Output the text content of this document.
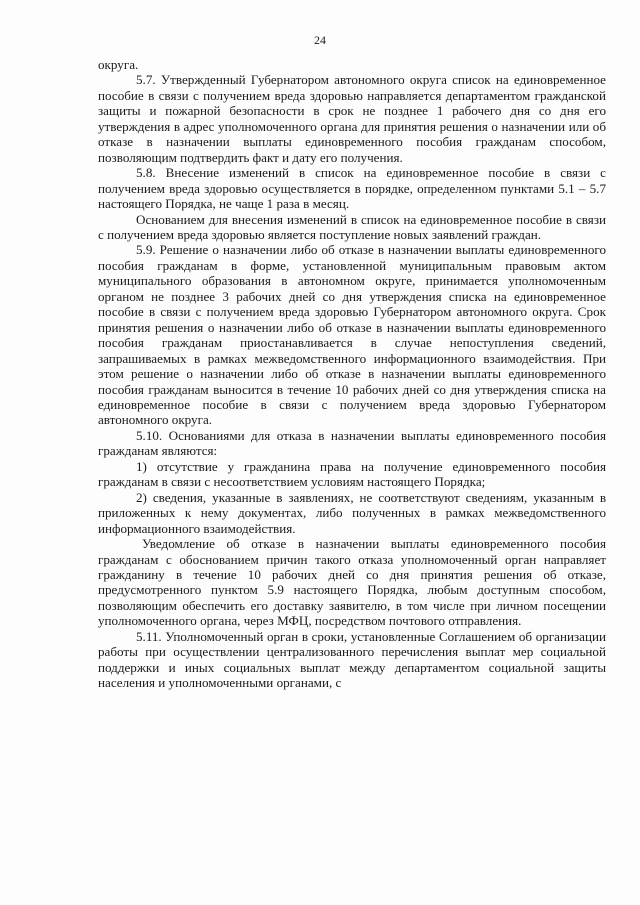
24

округа.

5.7. Утвержденный Губернатором автономного округа список на единовременное пособие в связи с получением вреда здоровью направляется департаментом гражданской защиты и пожарной безопасности в срок не позднее 1 рабочего дня со дня его утверждения в адрес уполномоченного органа для принятия решения о назначении или об отказе в назначении выплаты единовременного пособия гражданам способом, позволяющим подтвердить факт и дату его получения.

5.8. Внесение изменений в список на единовременное пособие в связи с получением вреда здоровью осуществляется в порядке, определенном пунктами 5.1 – 5.7 настоящего Порядка, не чаще 1 раза в месяц.

Основанием для внесения изменений в список на единовременное пособие в связи с получением вреда здоровью является поступление новых заявлений граждан.

5.9. Решение о назначении либо об отказе в назначении выплаты единовременного пособия гражданам в форме, установленной муниципальным правовым актом муниципального образования в автономном округе, принимается уполномоченным органом не позднее 3 рабочих дней со дня утверждения списка на единовременное пособие в связи с получением вреда здоровью Губернатором автономного округа. Срок принятия решения о назначении либо об отказе в назначении выплаты единовременного пособия гражданам приостанавливается в случае непоступления сведений, запрашиваемых в рамках межведомственного информационного взаимодействия. При этом решение о назначении либо об отказе в назначении выплаты единовременного пособия гражданам выносится в течение 10 рабочих дней со дня утверждения списка на единовременное пособие в связи с получением вреда здоровью Губернатором автономного округа.

5.10. Основаниями для отказа в назначении выплаты единовременного пособия гражданам являются:

1) отсутствие у гражданина права на получение единовременного пособия гражданам в связи с несоответствием условиям настоящего Порядка;

2) сведения, указанные в заявлениях, не соответствуют сведениям, указанным в приложенных к нему документах, либо полученных в рамках межведомственного информационного взаимодействия.

Уведомление об отказе в назначении выплаты единовременного пособия гражданам с обоснованием причин такого отказа уполномоченный орган направляет гражданину в течение 10 рабочих дней со дня принятия решения об отказе, предусмотренного пунктом 5.9 настоящего Порядка, любым доступным способом, позволяющим обеспечить его доставку заявителю, в том числе при личном посещении уполномоченного органа, через МФЦ, посредством почтового отправления.

5.11. Уполномоченный орган в сроки, установленные Соглашением об организации работы при осуществлении централизованного перечисления выплат мер социальной поддержки и иных социальных выплат между департаментом социальной защиты населения и уполномоченными органами, с
